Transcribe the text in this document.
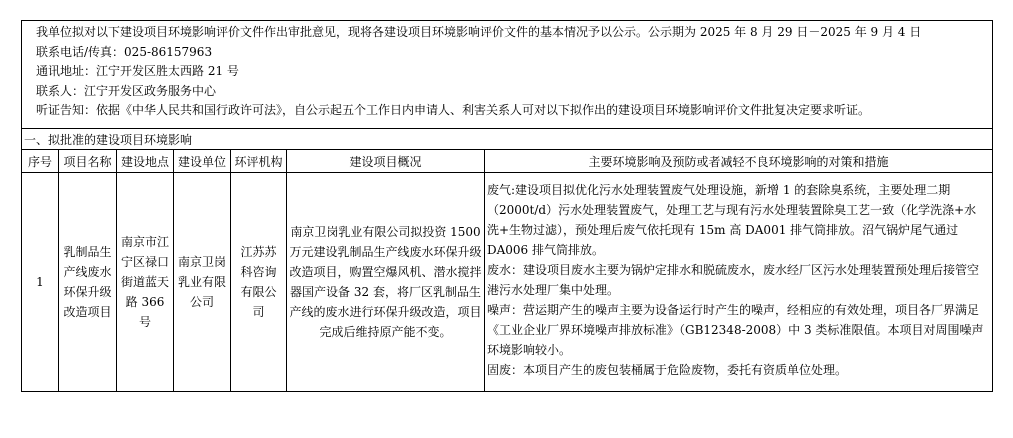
我单位拟对以下建设项目环境影响评价文件作出审批意见，现将各建设项目环境影响评价文件的基本情况予以公示。公示期为 2025 年 8 月 29 日－2025 年 9 月 4 日
联系电话/传真：025-86157963
通讯地址：江宁开发区胜太西路 21 号
联系人：江宁开发区政务服务中心
听证告知：依据《中华人民共和国行政许可法》，自公示起五个工作日内申请人、利害关系人可对以下拟作出的建设项目环境影响评价文件批复决定要求听证。						

一、拟批准的建设项目环境影响						
序号	项目名称	建设地点	建设单位	环评机构	建设项目概况	主要环境影响及预防或者减轻不良环境影响的对策和措施
1	乳制品生产线废水环保升级改造项目	南京市江宁区禄口街道蓝天路 366 号	南京卫岗乳业有限公司	江苏苏科咨询有限公司	南京卫岗乳业有限公司拟投资 1500 万元建设乳制品生产线废水环保升级改造项目，购置空爆风机、潜水搅拌器国产设备 32 套，将厂区乳制品生产线的废水进行环保升级改造，项目完成后维持原产能不变。	废气:建设项目拟优化污水处理装置废气处理设施，新增 1 的套除臭系统，主要处理二期（2000t/d）污水处理装置废气，处理工艺与现有污水处理装置除臭工艺一致（化学洗涤+水洗+生物过滤），预处理后废气依托现有 15m 高 DA001 排气筒排放。沼气锅炉尾气通过 DA006 排气筒排放。

废水：建设项目废水主要为锅炉定排水和脱硫废水，废水经厂区污水处理装置预处理后接管空港污水处理厂集中处理。

噪声：营运期产生的噪声主要为设备运行时产生的噪声，经相应的有效处理，项目各厂界满足《工业企业厂界环境噪声排放标准》（GB12348-2008）中 3 类标准限值。本项目对周围噪声环境影响较小。

固废：本项目产生的废包装桶属于危险废物，委托有资质单位处理。
